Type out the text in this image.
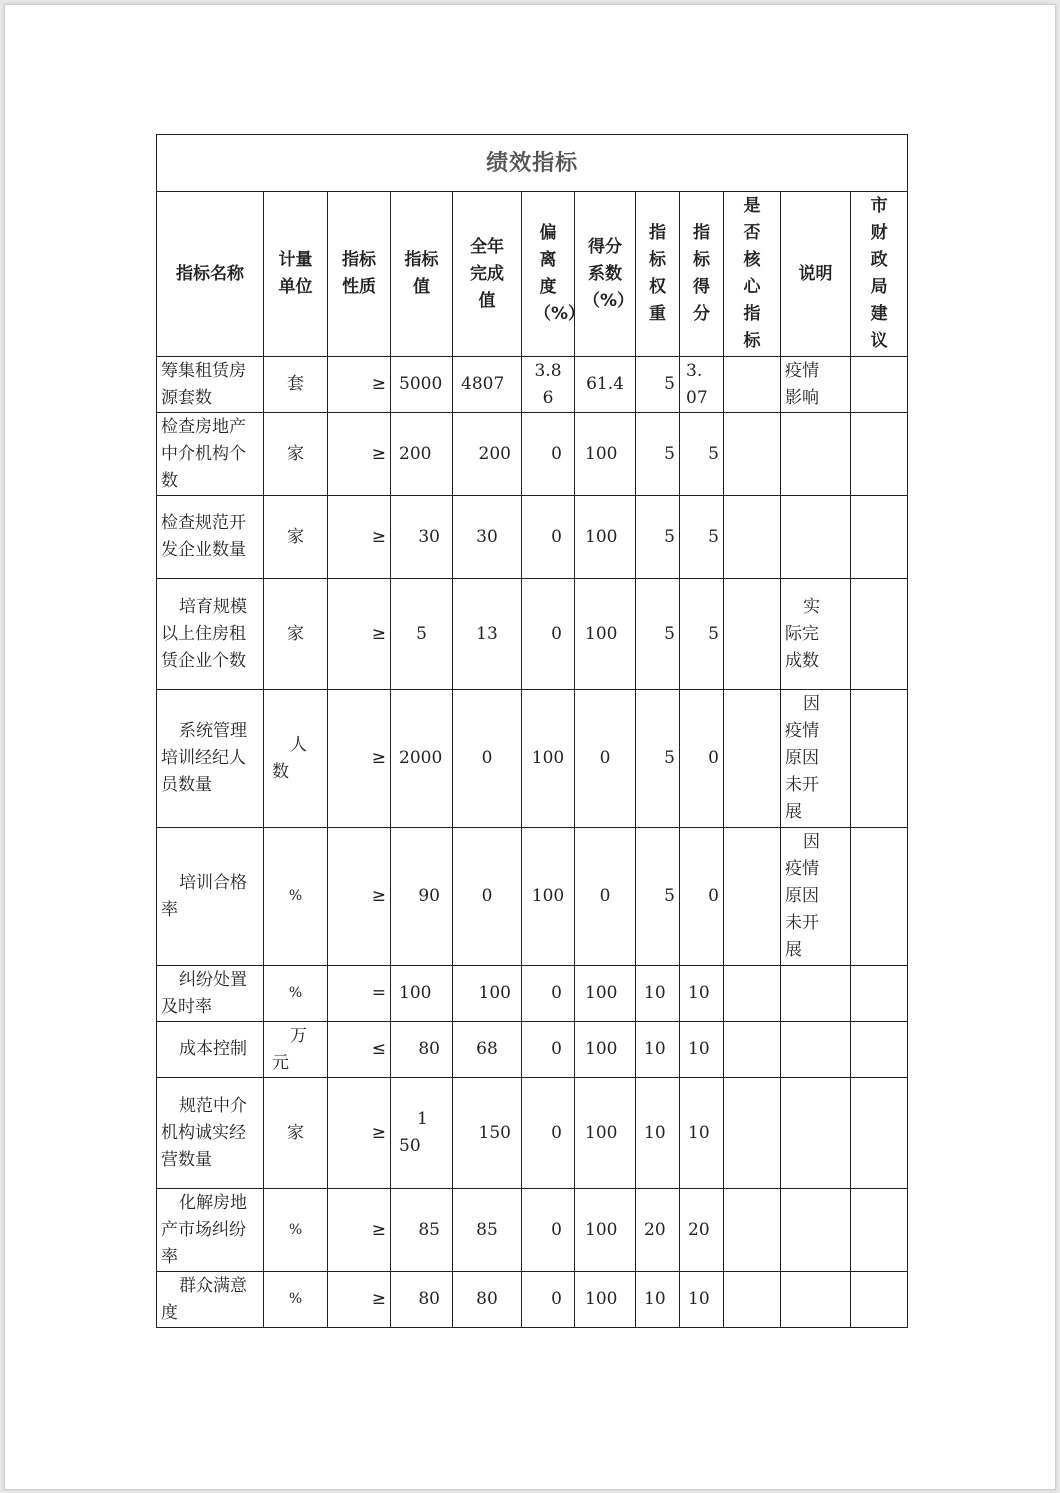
绩效指标											
指标名称	计量单位	指标性质	指标值	全年完成值	偏离度（%）	得分系数（%）	指标权重	指标得分	是否核心指标	说明	市财政局建议
筹集租赁房源套数	套	≥	5000	4807	3.86	61.4	5	3.07		疫情影响	
检查房地产中介机构个数	家	≥	200	200	0	100	5	5			
检查规范开发企业数量	家	≥	30	30	0	100	5	5			
培育规模以上住房租赁企业个数	家	≥	5	13	0	100	5	5		实际完成数	
系统管理培训经纪人员数量	人数	≥	2000	0	100	0	5	0		因疫情原因未开展	
培训合格率	%	≥	90	0	100	0	5	0		因疫情原因未开展	
纠纷处置及时率	%	=	100	100	0	100	10	10			
成本控制	万元	≤	80	68	0	100	10	10			
规范中介机构诚实经营数量	家	≥	150	150	0	100	10	10			
化解房地产市场纠纷率	%	≥	85	85	0	100	20	20			
群众满意度	%	≥	80	80	0	100	10	10			
